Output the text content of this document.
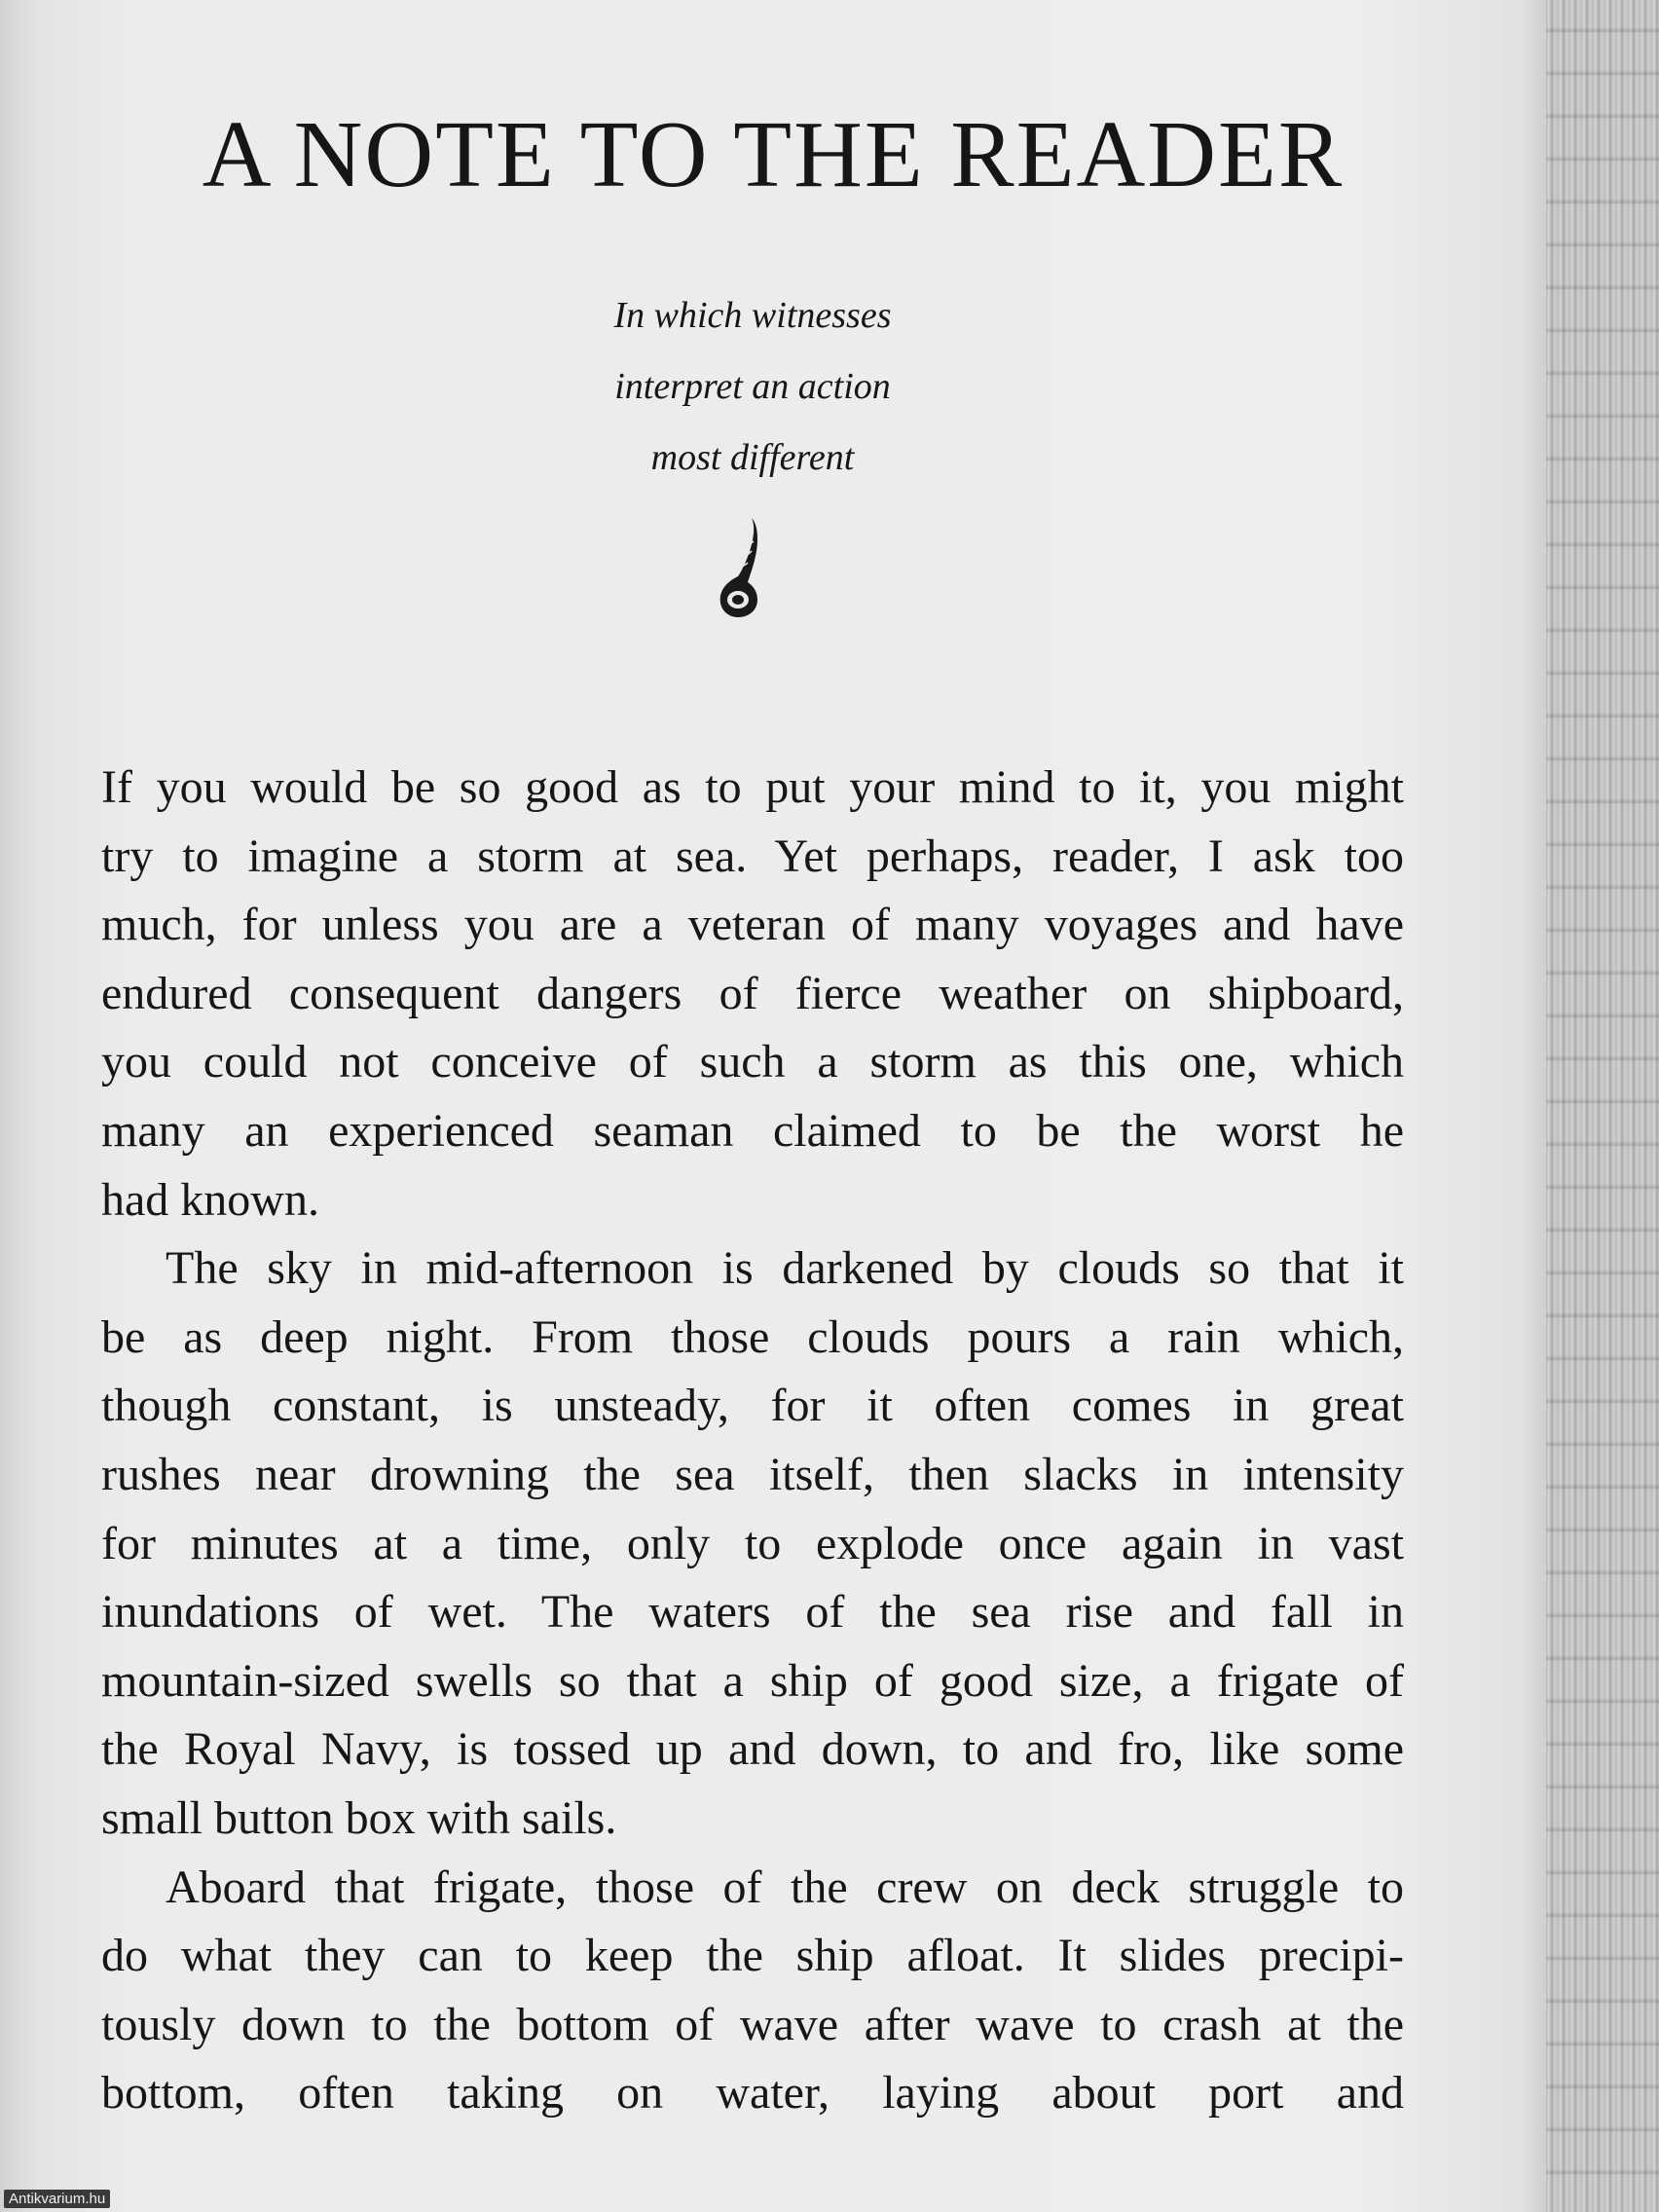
A NOTE TO THE READER
In which witnesses
interpret an action
most different

If you would be so good as to put your mind to it, you might
try to imagine a storm at sea. Yet perhaps, reader, I ask too
much, for unless you are a veteran of many voyages and have
endured consequent dangers of fierce weather on shipboard,
you could not conceive of such a storm as this one, which
many an experienced seaman claimed to be the worst he
had known.

The sky in mid-afternoon is darkened by clouds so that it
be as deep night. From those clouds pours a rain which,
though constant, is unsteady, for it often comes in great
rushes near drowning the sea itself, then slacks in intensity
for minutes at a time, only to explode once again in vast
inundations of wet. The waters of the sea rise and fall in
mountain-sized swells so that a ship of good size, a frigate of
the Royal Navy, is tossed up and down, to and fro, like some
small button box with sails.

Aboard that frigate, those of the crew on deck struggle to
do what they can to keep the ship afloat. It slides precipi-
tously down to the bottom of wave after wave to crash at the
bottom, often taking on water, laying about port and

Antikvarium.hu
